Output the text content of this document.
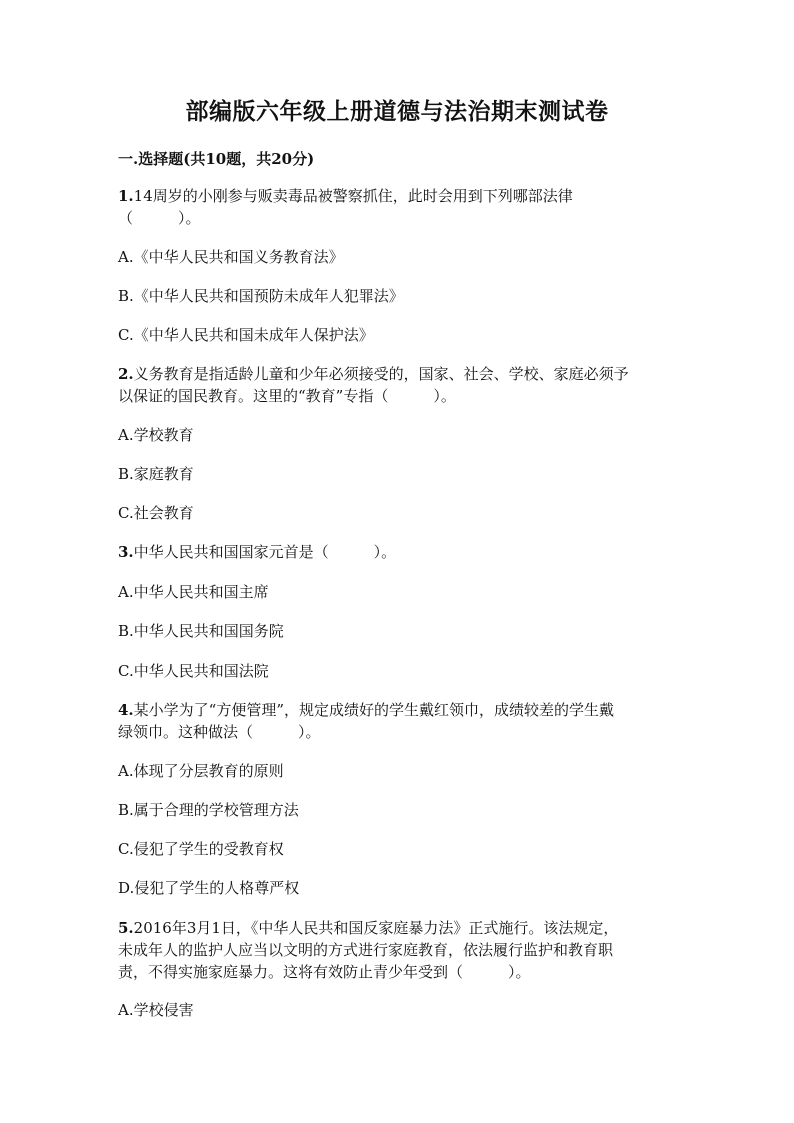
部编版六年级上册道德与法治期末测试卷
一.选择题(共10题，共20分)
1.14周岁的小刚参与贩卖毒品被警察抓住，此时会用到下列哪部法律
（　　　）。
A.《中华人民共和国义务教育法》
B.《中华人民共和国预防未成年人犯罪法》
C.《中华人民共和国未成年人保护法》
2.义务教育是指适龄儿童和少年必须接受的，国家、社会、学校、家庭必须予
以保证的国民教育。这里的“教育”专指（　　　）。
A.学校教育
B.家庭教育
C.社会教育
3.中华人民共和国国家元首是（　　　）。
A.中华人民共和国主席
B.中华人民共和国国务院
C.中华人民共和国法院
4.某小学为了“方便管理”，规定成绩好的学生戴红领巾，成绩较差的学生戴
绿领巾。这种做法（　　　）。
A.体现了分层教育的原则
B.属于合理的学校管理方法
C.侵犯了学生的受教育权
D.侵犯了学生的人格尊严权
5.2016年3月1日，《中华人民共和国反家庭暴力法》正式施行。该法规定，
未成年人的监护人应当以文明的方式进行家庭教育，依法履行监护和教育职
责，不得实施家庭暴力。这将有效防止青少年受到（　　　）。
A.学校侵害
